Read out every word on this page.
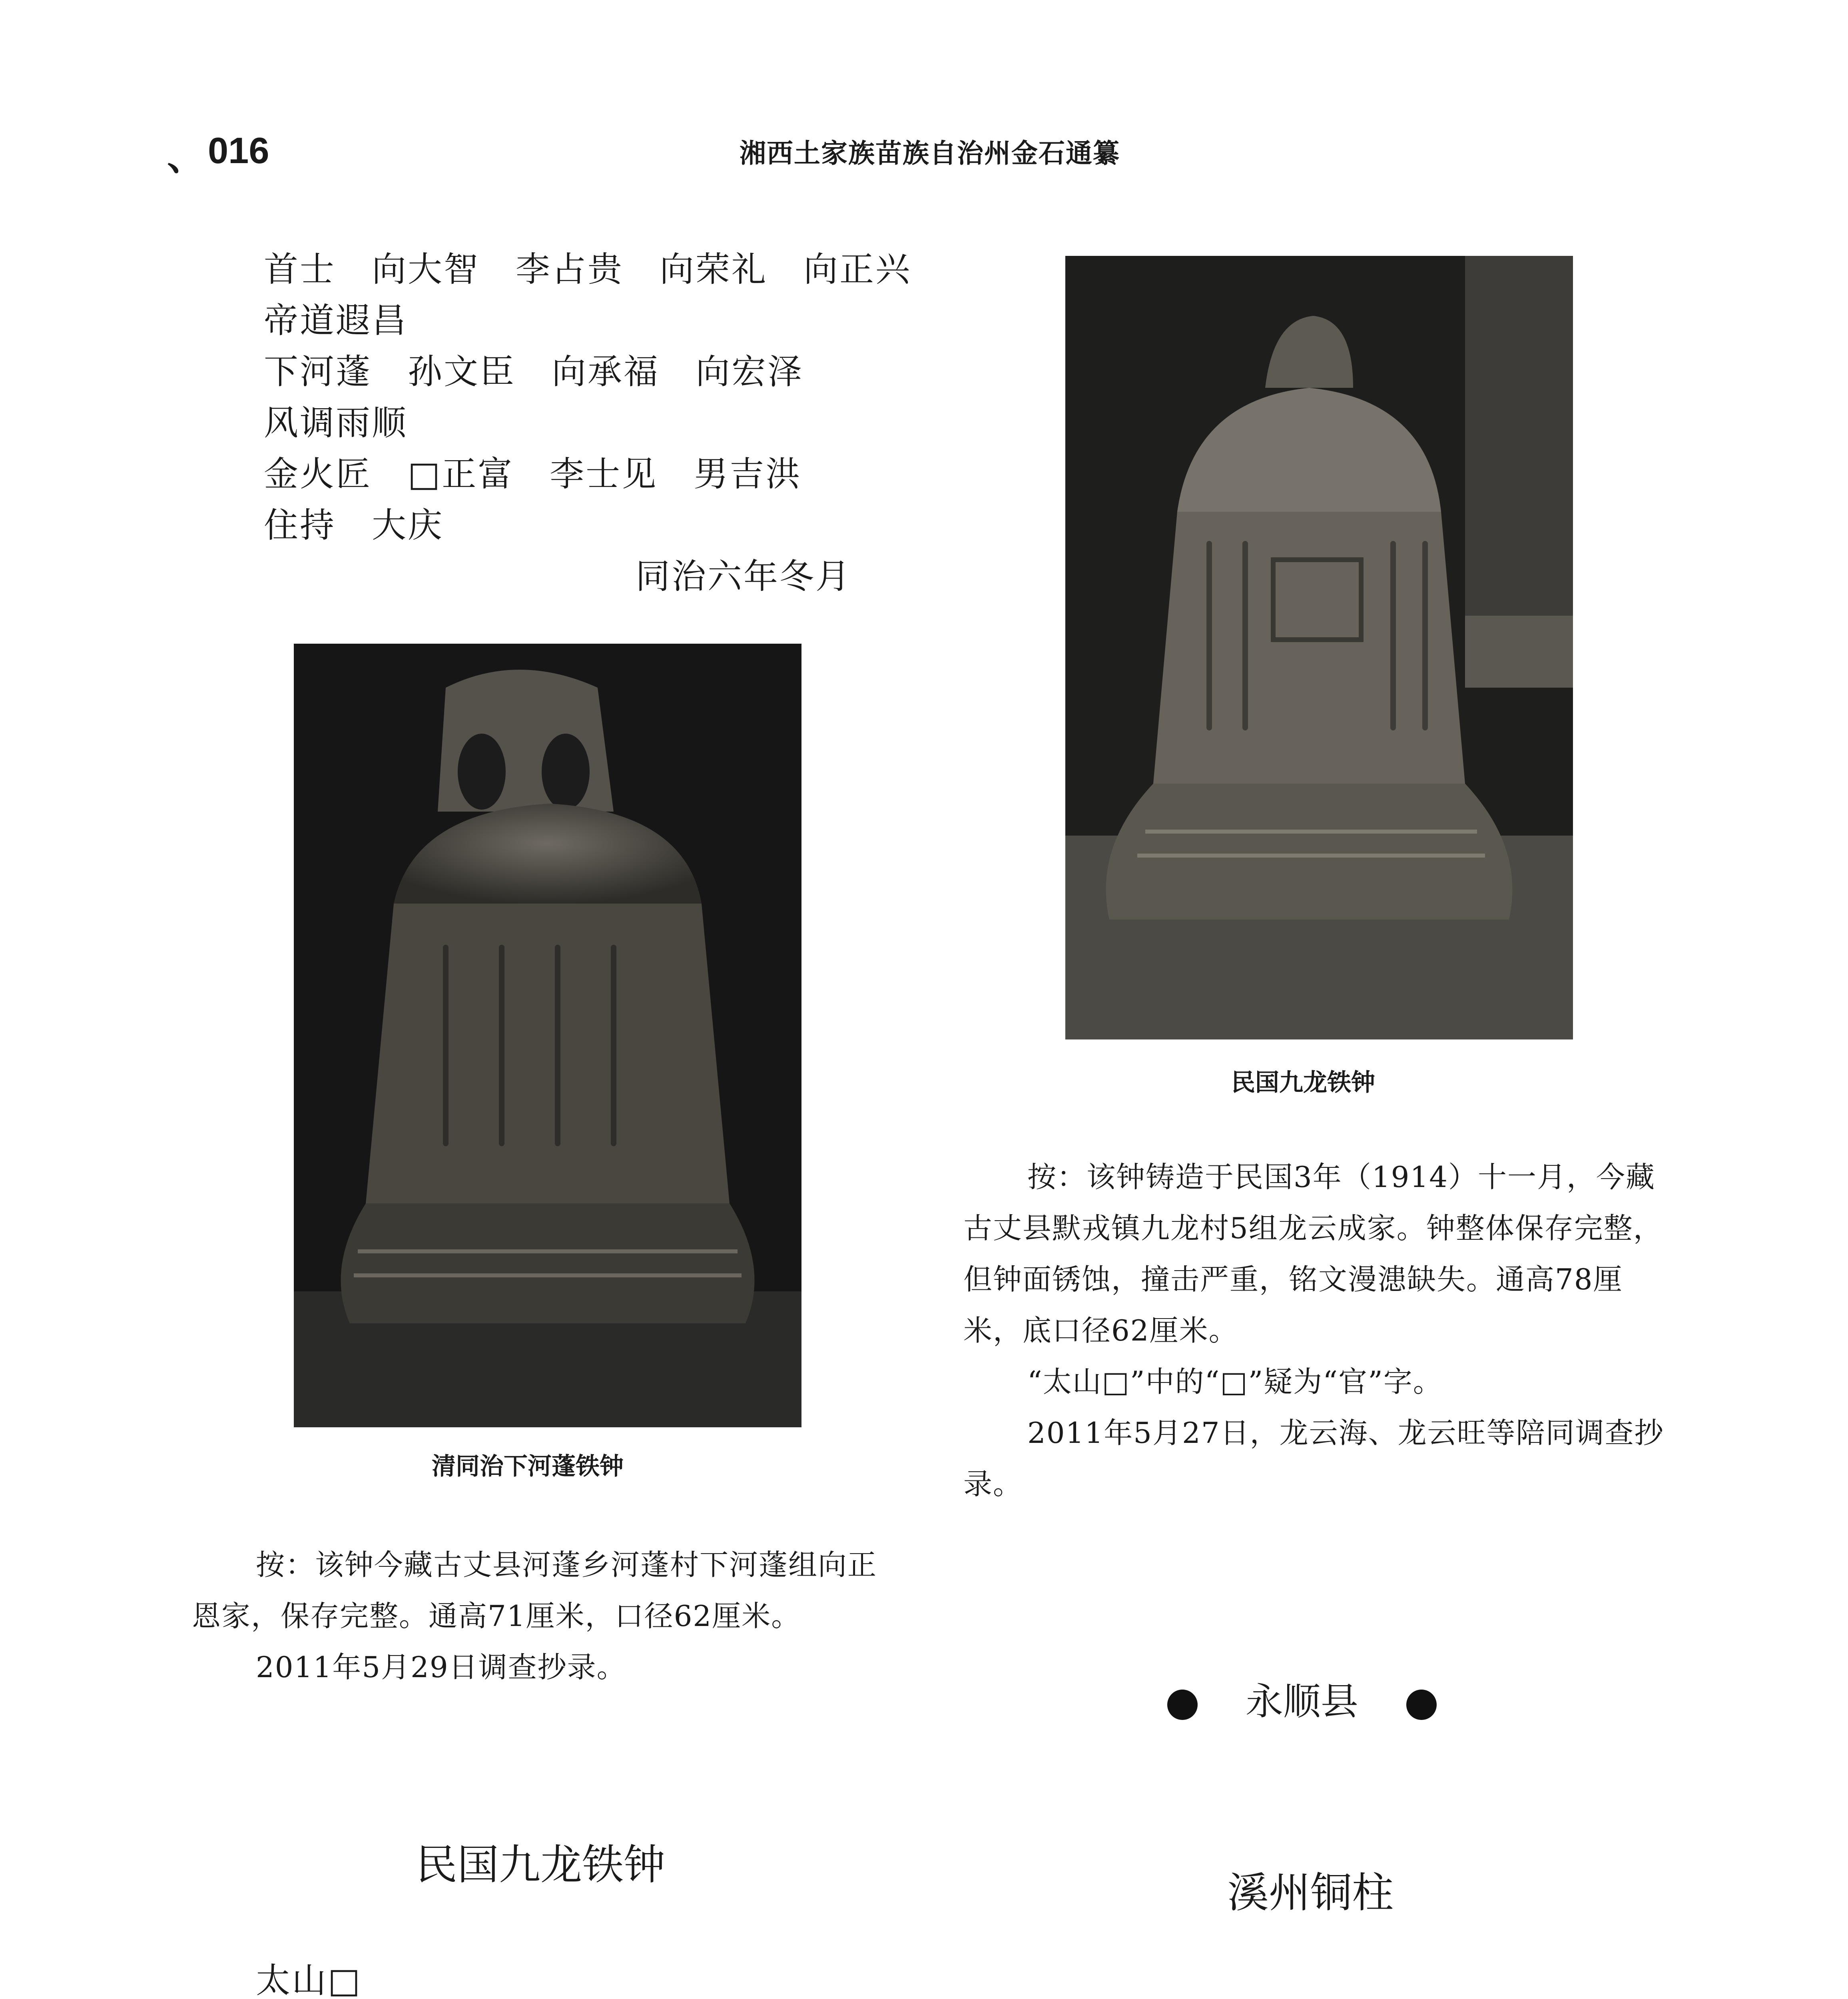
、 016	湘西土家族苗族自治州金石通纂
首士　向大智　李占贵　向荣礼　向正兴
帝道遐昌
下河蓬　孙文臣　向承福　向宏泽
风调雨顺
金火匠　□正富　李士见　男吉洪
住持　大庆
同治六年冬月
清同治下河蓬铁钟

按：该钟今藏古丈县河蓬乡河蓬村下河蓬组向正恩家，保存完整。通高71厘米，口径62厘米。

2011年5月29日调查抄录。

民国九龙铁钟
太山□

民国九龙铁钟

按：该钟铸造于民国3年（1914）十一月，今藏古丈县默戎镇九龙村5组龙云成家。钟整体保存完整，但钟面锈蚀，撞击严重，铭文漫漶缺失。通高78厘米，底口径62厘米。

“太山□”中的“□”疑为“官”字。

2011年5月27日，龙云海、龙云旺等陪同调查抄录。

永顺县
溪州铜柱
